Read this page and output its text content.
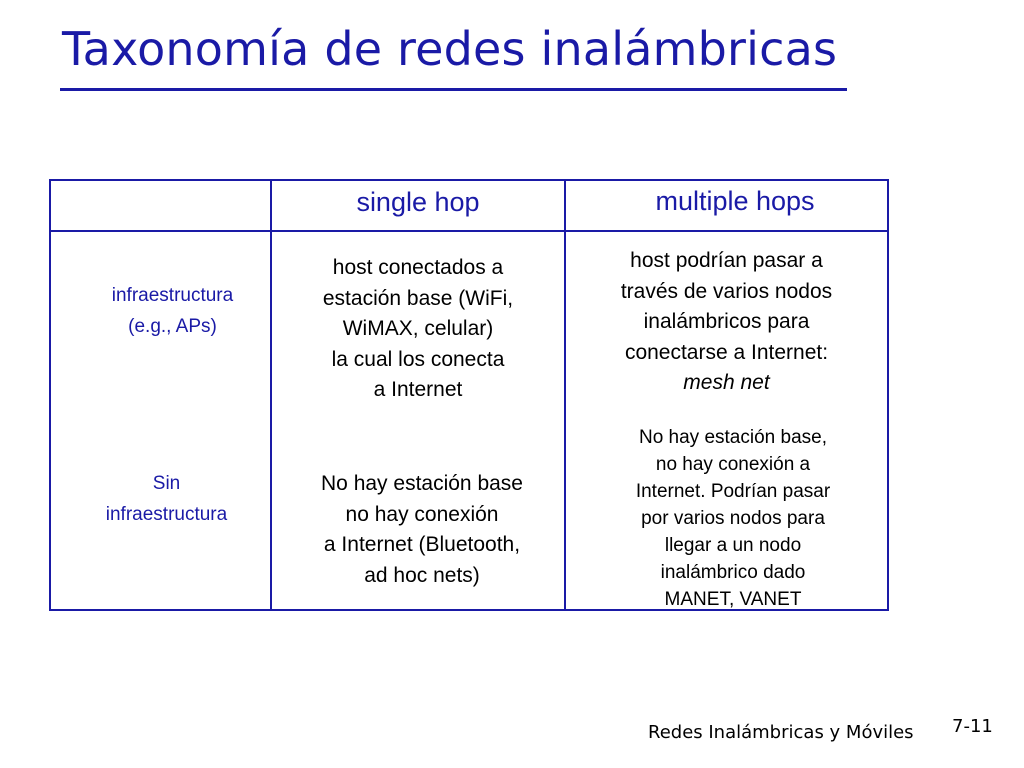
Taxonomía de redes inalámbricas
single hop	multiple hops
infraestructura
(e.g., APs)
Sin
infraestructura
host conectados a
estación base (WiFi,
WiMAX, celular)
la cual los conecta
a Internet
host podrían pasar a
través de varios nodos
inalámbricos para
conectarse a Internet:
mesh net
No hay estación base
no hay conexión
a Internet (Bluetooth,
ad hoc nets)
No hay estación base,
no hay conexión a
Internet. Podrían pasar
por varios nodos para
llegar a un nodo
inalámbrico dado
MANET, VANET
Redes Inalámbricas y Móviles 7-11
